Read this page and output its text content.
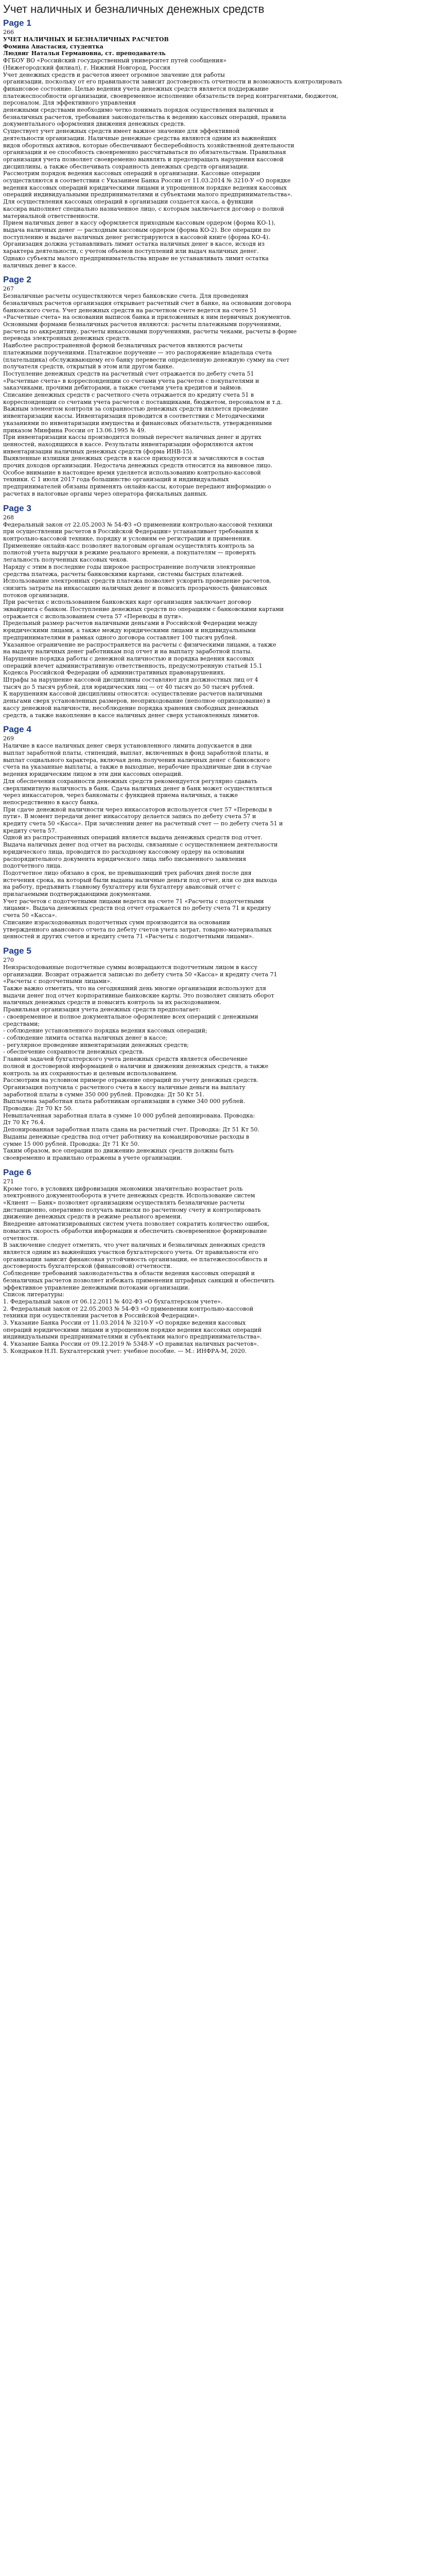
Учет наличных и безналичных денежных средств
Page 1
266
УЧЕТ НАЛИЧНЫХ И БЕЗНАЛИЧНЫХ РАСЧЕТОВ
Фомина Анастасия, студентка
Людвиг Наталья Германовна, ст. преподаватель
ФГБОУ ВО «Российский государственный университет путей сообщения»
(Нижегородский филиал), г. Нижний Новгород, Россия
Учет денежных средств и расчетов имеет огромное значение для работы
организации, поскольку от его правильности зависит достоверность отчетности и возможность контролировать
финансовое состояние. Целью ведения учета денежных средств является поддержание
платежеспособности организации, своевременное исполнение обязательств перед контрагентами, бюджетом,
персоналом. Для эффективного управления
денежными средствами необходимо четко понимать порядок осуществления наличных и
безналичных расчетов, требования законодательства к ведению кассовых операций, правила
документального оформления движения денежных средств.
Существует учет денежных средств имеет важное значение для эффективной
деятельности организации. Наличные денежные средства являются одним из важнейших
видов оборотных активов, которые обеспечивают бесперебойность хозяйственной деятельности
организации и ее способность своевременно рассчитываться по обязательствам. Правильная
организация учета позволяет своевременно выявлять и предотвращать нарушения кассовой
дисциплины, а также обеспечивать сохранность денежных средств организации.
Рассмотрим порядок ведения кассовых операций в организации. Кассовые операции
осуществляются в соответствии с Указанием Банка России от 11.03.2014 № 3210-У «О порядке
ведения кассовых операций юридическими лицами и упрощенном порядке ведения кассовых
операций индивидуальными предпринимателями и субъектами малого предпринимательства».
Для осуществления кассовых операций в организации создается касса, а функции
кассира выполняет специально назначенное лицо, с которым заключается договор о полной
материальной ответственности.
Прием наличных денег в кассу оформляется приходным кассовым ордером (форма КО-1),
выдача наличных денег — расходным кассовым ордером (форма КО-2). Все операции по
поступлению и выдаче наличных денег регистрируются в кассовой книге (форма КО-4).
Организация должна устанавливать лимит остатка наличных денег в кассе, исходя из
характера деятельности, с учетом объемов поступлений или выдач наличных денег.
Однако субъекты малого предпринимательства вправе не устанавливать лимит остатка
наличных денег в кассе.
Page 2
267
Безналичные расчеты осуществляются через банковские счета. Для проведения
безналичных расчетов организация открывает расчетный счет в банке, на основании договора
банковского счета. Учет денежных средств на расчетном счете ведется на счете 51
«Расчетные счета» на основании выписок банка и приложенных к ним первичных документов.
Основными формами безналичных расчетов являются: расчеты платежными поручениями,
расчеты по аккредитиву, расчеты инкассовыми поручениями, расчеты чеками, расчеты в форме
перевода электронных денежных средств.
Наиболее распространенной формой безналичных расчетов являются расчеты
платежными поручениями. Платежное поручение — это распоряжение владельца счета
(плательщика) обслуживающему его банку перевести определенную денежную сумму на счет
получателя средств, открытый в этом или другом банке.
Поступление денежных средств на расчетный счет отражается по дебету счета 51
«Расчетные счета» в корреспонденции со счетами учета расчетов с покупателями и
заказчиками, прочими дебиторами, а также счетами учета кредитов и займов.
Списание денежных средств с расчетного счета отражается по кредиту счета 51 в
корреспонденции со счетами учета расчетов с поставщиками, бюджетом, персоналом и т.д.
Важным элементом контроля за сохранностью денежных средств является проведение
инвентаризации кассы. Инвентаризация проводится в соответствии с Методическими
указаниями по инвентаризации имущества и финансовых обязательств, утвержденными
приказом Минфина России от 13.06.1995 № 49.
При инвентаризации кассы производится полный пересчет наличных денег и других
ценностей, находящихся в кассе. Результаты инвентаризации оформляются актом
инвентаризации наличных денежных средств (форма ИНВ-15).
Выявленные излишки денежных средств в кассе приходуются и зачисляются в состав
прочих доходов организации. Недостача денежных средств относится на виновное лицо.
Особое внимание в настоящее время уделяется использованию контрольно-кассовой
техники. С 1 июля 2017 года большинство организаций и индивидуальных
предпринимателей обязаны применять онлайн-кассы, которые передают информацию о
расчетах в налоговые органы через оператора фискальных данных.
Page 3
268
Федеральный закон от 22.05.2003 № 54-ФЗ «О применении контрольно-кассовой техники
при осуществлении расчетов в Российской Федерации» устанавливает требования к
контрольно-кассовой технике, порядку и условиям ее регистрации и применения.
Применение онлайн-касс позволяет налоговым органам осуществлять контроль за
полнотой учета выручки в режиме реального времени, а покупателям — проверять
легальность полученных кассовых чеков.
Наряду с этим в последние годы широкое распространение получили электронные
средства платежа, расчеты банковскими картами, системы быстрых платежей.
Использование электронных средств платежа позволяет ускорить проведение расчетов,
снизить затраты на инкассацию наличных денег и повысить прозрачность финансовых
потоков организации.
При расчетах с использованием банковских карт организация заключает договор
эквайринга с банком. Поступление денежных средств по операциям с банковскими картами
отражается с использованием счета 57 «Переводы в пути».
Предельный размер расчетов наличными деньгами в Российской Федерации между
юридическими лицами, а также между юридическими лицами и индивидуальными
предпринимателями в рамках одного договора составляет 100 тысяч рублей.
Указанное ограничение не распространяется на расчеты с физическими лицами, а также
на выдачу наличных денег работникам под отчет и на выплату заработной платы.
Нарушение порядка работы с денежной наличностью и порядка ведения кассовых
операций влечет административную ответственность, предусмотренную статьей 15.1
Кодекса Российской Федерации об административных правонарушениях.
Штрафы за нарушение кассовой дисциплины составляют для должностных лиц от 4
тысяч до 5 тысяч рублей, для юридических лиц — от 40 тысяч до 50 тысяч рублей.
К нарушениям кассовой дисциплины относятся: осуществление расчетов наличными
деньгами сверх установленных размеров, неоприходование (неполное оприходование) в
кассу денежной наличности, несоблюдение порядка хранения свободных денежных
средств, а также накопление в кассе наличных денег сверх установленных лимитов.
Page 4
269
Наличие в кассе наличных денег сверх установленного лимита допускается в дни
выплат заработной платы, стипендий, выплат, включенных в фонд заработной платы, и
выплат социального характера, включая день получения наличных денег с банковского
счета на указанные выплаты, а также в выходные, нерабочие праздничные дни в случае
ведения юридическим лицом в эти дни кассовых операций.
Для обеспечения сохранности денежных средств рекомендуется регулярно сдавать
сверхлимитную наличность в банк. Сдача наличных денег в банк может осуществляться
через инкассаторов, через банкоматы с функцией приема наличных, а также
непосредственно в кассу банка.
При сдаче денежной наличности через инкассаторов используется счет 57 «Переводы в
пути». В момент передачи денег инкассатору делается запись по дебету счета 57 и
кредиту счета 50 «Касса». При зачислении денег на расчетный счет — по дебету счета 51 и
кредиту счета 57.
Одной из распространенных операций является выдача денежных средств под отчет.
Выдача наличных денег под отчет на расходы, связанные с осуществлением деятельности
юридического лица, проводится по расходному кассовому ордеру на основании
распорядительного документа юридического лица либо письменного заявления
подотчетного лица.
Подотчетное лицо обязано в срок, не превышающий трех рабочих дней после дня
истечения срока, на который были выданы наличные деньги под отчет, или со дня выхода
на работу, предъявить главному бухгалтеру или бухгалтеру авансовый отчет с
прилагаемыми подтверждающими документами.
Учет расчетов с подотчетными лицами ведется на счете 71 «Расчеты с подотчетными
лицами». Выдача денежных средств под отчет отражается по дебету счета 71 и кредиту
счета 50 «Касса».
Списание израсходованных подотчетных сумм производится на основании
утвержденного авансового отчета по дебету счетов учета затрат, товарно-материальных
ценностей и других счетов и кредиту счета 71 «Расчеты с подотчетными лицами».
Page 5
270
Неизрасходованные подотчетные суммы возвращаются подотчетным лицом в кассу
организации. Возврат отражается записью по дебету счета 50 «Касса» и кредиту счета 71
«Расчеты с подотчетными лицами».
Также важно отметить, что на сегодняшний день многие организации используют для
выдачи денег под отчет корпоративные банковские карты. Это позволяет снизить оборот
наличных денежных средств и повысить контроль за их расходованием.
Правильная организация учета денежных средств предполагает:
- своевременное и полное документальное оформление всех операций с денежными
средствами;
- соблюдение установленного порядка ведения кассовых операций;
- соблюдение лимита остатка наличных денег в кассе;
- регулярное проведение инвентаризации денежных средств;
- обеспечение сохранности денежных средств.
Главной задачей бухгалтерского учета денежных средств является обеспечение
полной и достоверной информацией о наличии и движении денежных средств, а также
контроль за их сохранностью и целевым использованием.
Рассмотрим на условном примере отражение операций по учету денежных средств.
Организация получила с расчетного счета в кассу наличные деньги на выплату
заработной платы в сумме 350 000 рублей. Проводка: Дт 50 Кт 51.
Выплачена заработная плата работникам организации в сумме 340 000 рублей.
Проводка: Дт 70 Кт 50.
Невыплаченная заработная плата в сумме 10 000 рублей депонирована. Проводка:
Дт 70 Кт 76.4.
Депонированная заработная плата сдана на расчетный счет. Проводка: Дт 51 Кт 50.
Выданы денежные средства под отчет работнику на командировочные расходы в
сумме 15 000 рублей. Проводка: Дт 71 Кт 50.
Таким образом, все операции по движению денежных средств должны быть
своевременно и правильно отражены в учете организации.
Page 6
271
Кроме того, в условиях цифровизации экономики значительно возрастает роль
электронного документооборота в учете денежных средств. Использование систем
«Клиент — Банк» позволяет организациям осуществлять безналичные расчеты
дистанционно, оперативно получать выписки по расчетному счету и контролировать
движение денежных средств в режиме реального времени.
Внедрение автоматизированных систем учета позволяет сократить количество ошибок,
повысить скорость обработки информации и обеспечить своевременное формирование
отчетности.
В заключение следует отметить, что учет наличных и безналичных денежных средств
является одним из важнейших участков бухгалтерского учета. От правильности его
организации зависит финансовая устойчивость организации, ее платежеспособность и
достоверность бухгалтерской (финансовой) отчетности.
Соблюдение требований законодательства в области ведения кассовых операций и
безналичных расчетов позволяет избежать применения штрафных санкций и обеспечить
эффективное управление денежными потоками организации.
Список литературы:
1. Федеральный закон от 06.12.2011 № 402-ФЗ «О бухгалтерском учете».
2. Федеральный закон от 22.05.2003 № 54-ФЗ «О применении контрольно-кассовой
техники при осуществлении расчетов в Российской Федерации».
3. Указание Банка России от 11.03.2014 № 3210-У «О порядке ведения кассовых
операций юридическими лицами и упрощенном порядке ведения кассовых операций
индивидуальными предпринимателями и субъектами малого предпринимательства».
4. Указание Банка России от 09.12.2019 № 5348-У «О правилах наличных расчетов».
5. Кондраков Н.П. Бухгалтерский учет: учебное пособие. — М.: ИНФРА-М, 2020.
